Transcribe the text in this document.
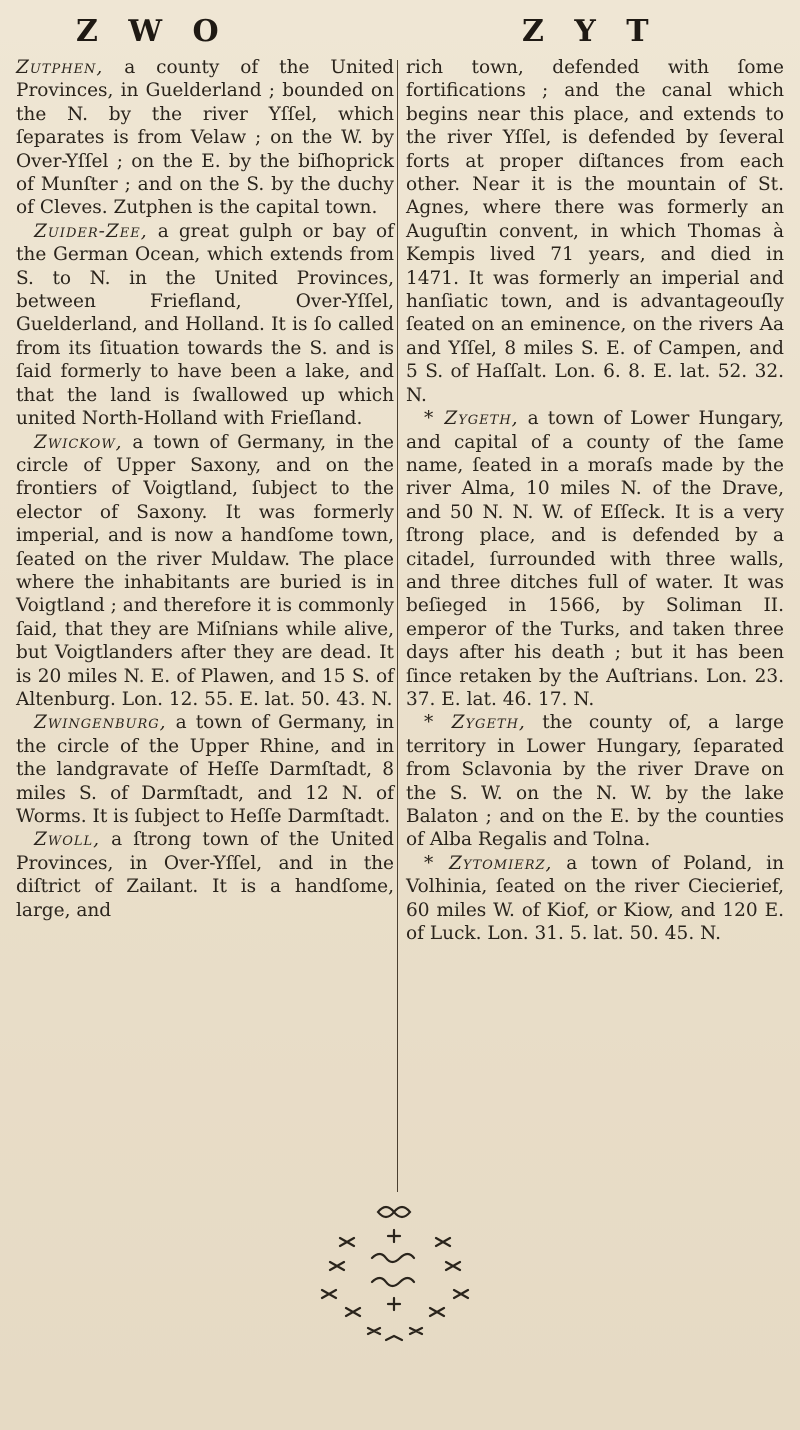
Z W O	Z Y T

Zutphen, a county of the United Provinces, in Guelderland ; bounded on the N. by the river Yſſel, which ſeparates is from Velaw ; on the W. by Over-Yſſel ; on the E. by the biſhoprick of Munſter ; and on the S. by the duchy of Cleves. Zutphen is the capital town.

Zuider-Zee, a great gulph or bay of the German Ocean, which extends from S. to N. in the United Provinces, between Friefland, Over-Yſſel, Guelderland, and Holland. It is ſo called from its ſituation towards the S. and is ſaid formerly to have been a lake, and that the land is ſwallowed up which united North-Holland with Frieſland.

Zwickow, a town of Germany, in the circle of Upper Saxony, and on the frontiers of Voigtland, ſubject to the elector of Saxony. It was formerly imperial, and is now a handſome town, ſeated on the river Muldaw. The place where the inhabitants are buried is in Voigtland ; and therefore it is commonly ſaid, that they are Miſnians while alive, but Voigtlanders after they are dead. It is 20 miles N. E. of Plawen, and 15 S. of Altenburg. Lon. 12. 55. E. lat. 50. 43. N.

Zwingenburg, a town of Germany, in the circle of the Upper Rhine, and in the landgravate of Heſſe Darmſtadt, 8 miles S. of Darmſtadt, and 12 N. of Worms. It is ſubject to Heſſe Darmſtadt.

Zwoll, a ſtrong town of the United Provinces, in Over-Yſſel, and in the diſtrict of Zailant. It is a handſome, large, and

rich town, defended with ſome fortifications ; and the canal which begins near this place, and extends to the river Yſſel, is defended by ſeveral forts at proper diſtances from each other. Near it is the mountain of St. Agnes, where there was formerly an Auguſtin convent, in which Thomas à Kempis lived 71 years, and died in 1471. It was formerly an imperial and hanſiatic town, and is advantageouſly ſeated on an eminence, on the rivers Aa and Yſſel, 8 miles S. E. of Campen, and 5 S. of Haſſalt. Lon. 6. 8. E. lat. 52. 32. N.

* Zygeth, a town of Lower Hungary, and capital of a county of the ſame name, ſeated in a moraſs made by the river Alma, 10 miles N. of the Drave, and 50 N. N. W. of Eſſeck. It is a very ſtrong place, and is defended by a citadel, ſurrounded with three walls, and three ditches full of water. It was beſieged in 1566, by Soliman II. emperor of the Turks, and taken three days after his death ; but it has been ſince retaken by the Auſtrians. Lon. 23. 37. E. lat. 46. 17. N.

* Zygeth, the county of, a large territory in Lower Hungary, ſeparated from Sclavonia by the river Drave on the S. W. on the N. W. by the lake Balaton ; and on the E. by the counties of Alba Regalis and Tolna.

* Zytomierz, a town of Poland, in Volhinia, ſeated on the river Ciecierief, 60 miles W. of Kiof, or Kiow, and 120 E. of Luck. Lon. 31. 5. lat. 50. 45. N.
